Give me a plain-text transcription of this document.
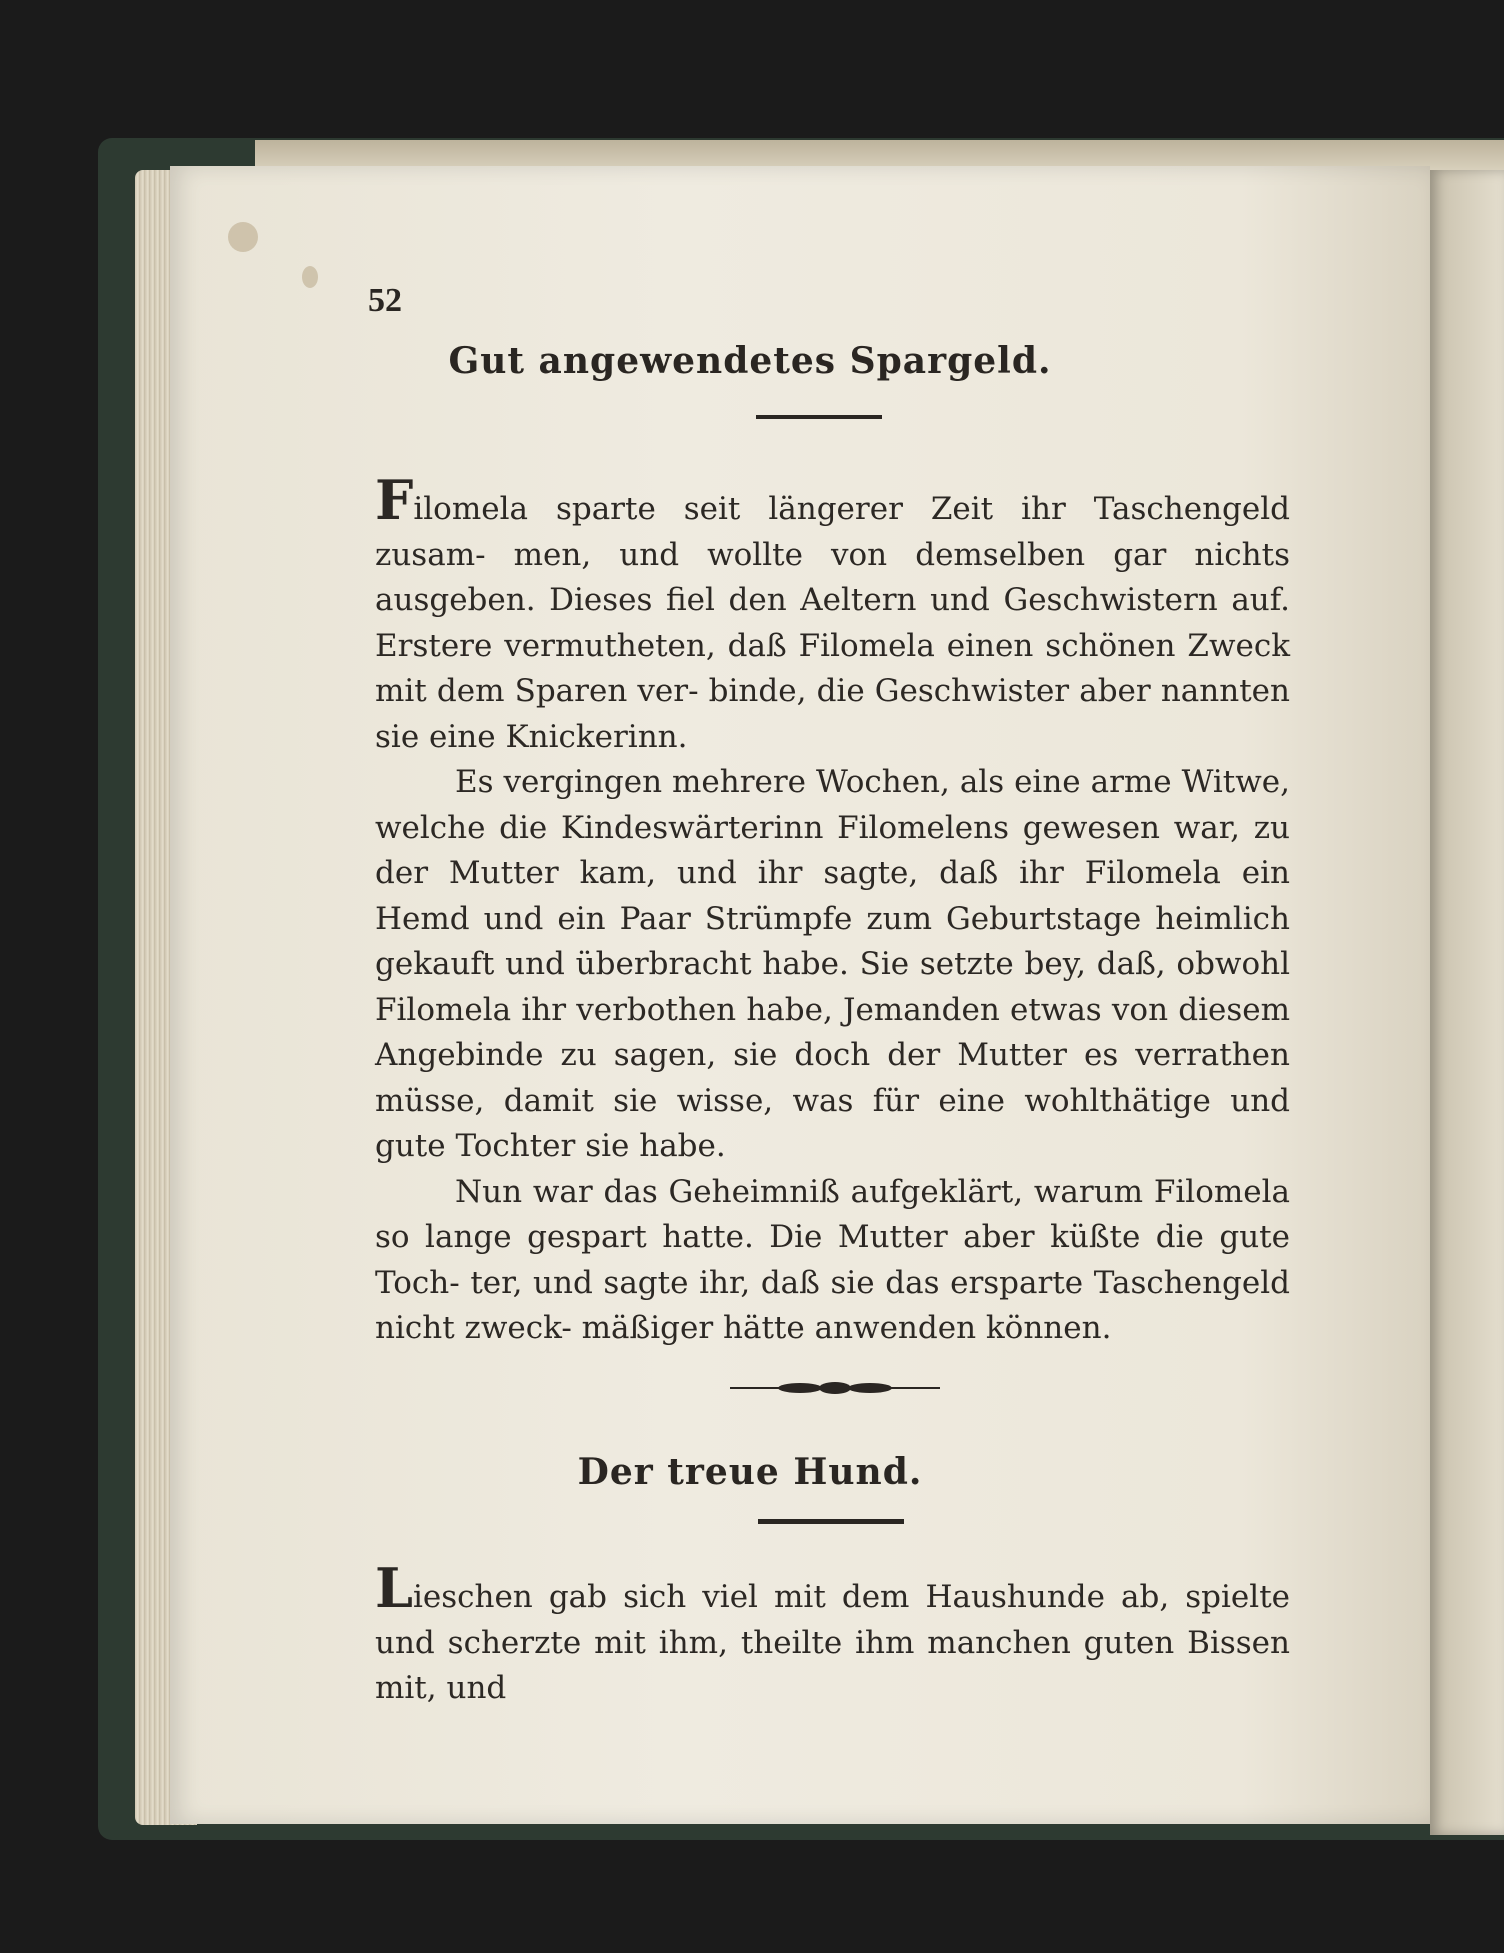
52
Gut angewendetes Spargeld.

Filomela sparte seit längerer Zeit ihr Taschengeld zusam- men, und wollte von demselben gar nichts ausgeben. Dieses fiel den Aeltern und Geschwistern auf. Erstere vermutheten, daß Filomela einen schönen Zweck mit dem Sparen ver- binde, die Geschwister aber nannten sie eine Knickerinn.

Es vergingen mehrere Wochen, als eine arme Witwe, welche die Kindeswärterinn Filomelens gewesen war, zu der Mutter kam, und ihr sagte, daß ihr Filomela ein Hemd und ein Paar Strümpfe zum Geburtstage heimlich gekauft und überbracht habe. Sie setzte bey, daß, obwohl Filomela ihr verbothen habe, Jemanden etwas von diesem Angebinde zu sagen, sie doch der Mutter es verrathen müsse, damit sie wisse, was für eine wohlthätige und gute Tochter sie habe.

Nun war das Geheimniß aufgeklärt, warum Filomela so lange gespart hatte. Die Mutter aber küßte die gute Toch- ter, und sagte ihr, daß sie das ersparte Taschengeld nicht zweck- mäßiger hätte anwenden können.

Der treue Hund.

Lieschen gab sich viel mit dem Haushunde ab, spielte und scherzte mit ihm, theilte ihm manchen guten Bissen mit, und
